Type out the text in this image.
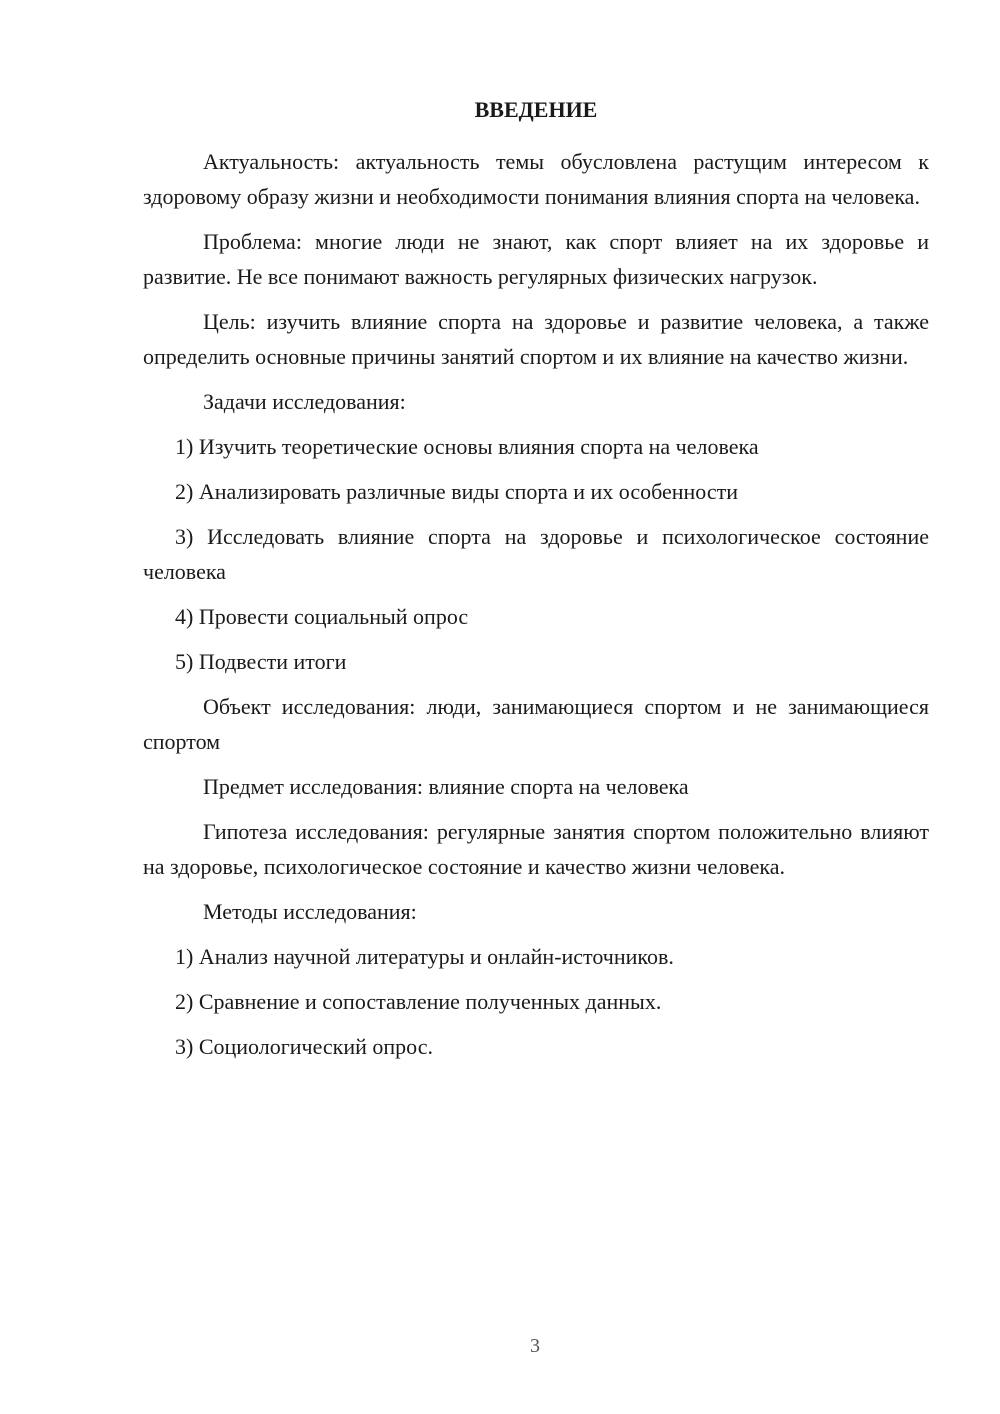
ВВЕДЕНИЕ

Актуальность: актуальность темы обусловлена растущим интересом к здоровому образу жизни и необходимости понимания влияния спорта на человека.

Проблема: многие люди не знают, как спорт влияет на их здоровье и развитие. Не все понимают важность регулярных физических нагрузок.

Цель: изучить влияние спорта на здоровье и развитие человека, а также определить основные причины занятий спортом и их влияние на качество жизни.

Задачи исследования:

1) Изучить теоретические основы влияния спорта на человека

2) Анализировать различные виды спорта и их особенности

3) Исследовать влияние спорта на здоровье и психологическое состояние человека

4) Провести социальный опрос

5) Подвести итоги

Объект исследования: люди, занимающиеся спортом и не занимающиеся спортом

Предмет исследования: влияние спорта на человека

Гипотеза исследования: регулярные занятия спортом положительно влияют на здоровье, психологическое состояние и качество жизни человека.

Методы исследования:

1) Анализ научной литературы и онлайн-источников.

2) Сравнение и сопоставление полученных данных.

3) Социологический опрос.

3
